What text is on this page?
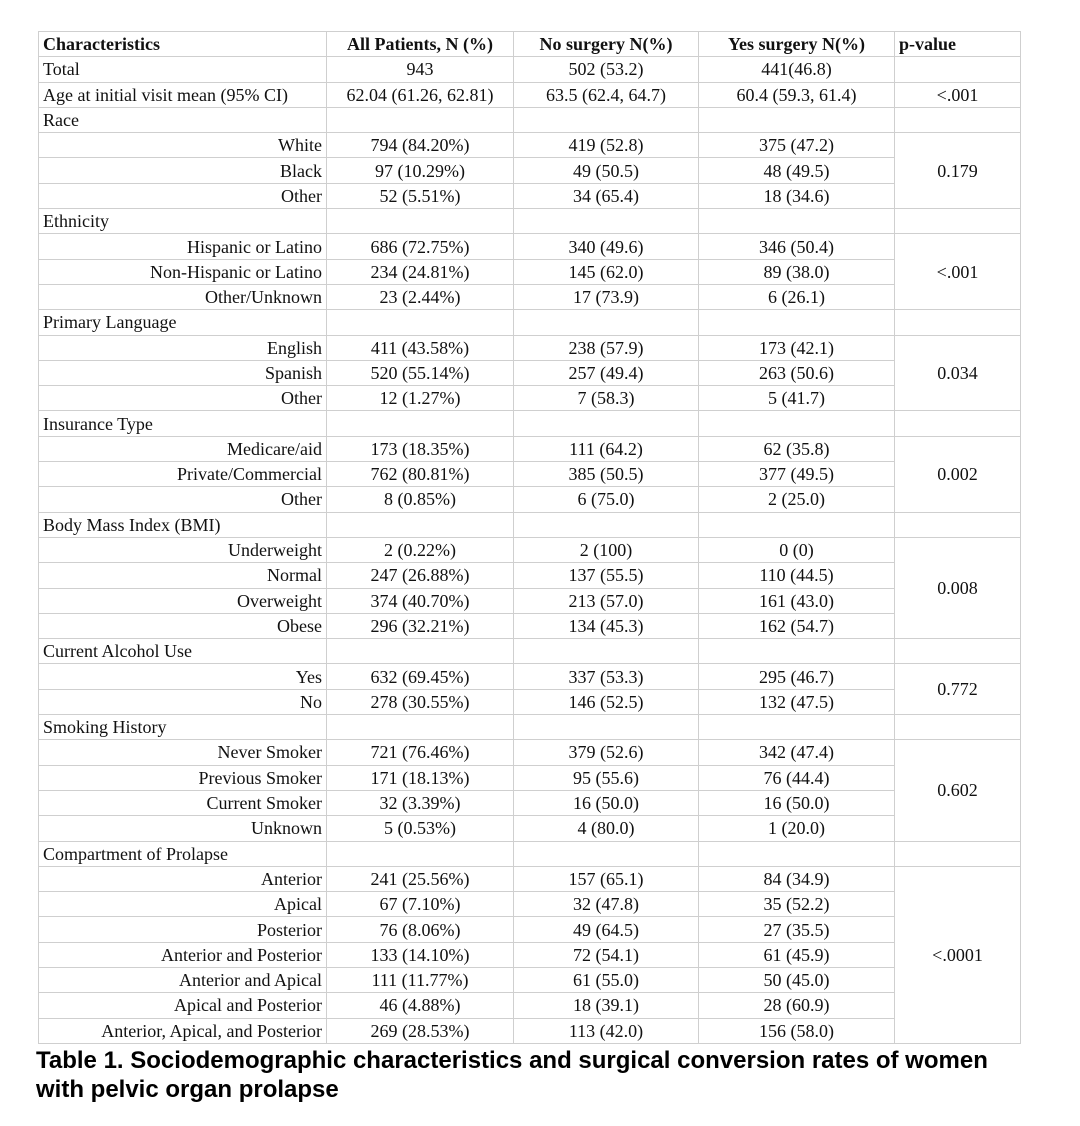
Characteristics	All Patients, N (%)	No surgery N(%)	Yes surgery N(%)	p-value
Total	943	502 (53.2)	441(46.8)	
Age at initial visit mean (95% CI)	62.04 (61.26, 62.81)	63.5 (62.4, 64.7)	60.4 (59.3, 61.4)	<.001
Race				
White	794 (84.20%)	419 (52.8)	375 (47.2)	0.179
Black	97 (10.29%)	49 (50.5)	48 (49.5)	
Other	52 (5.51%)	34 (65.4)	18 (34.6)	
Ethnicity				
Hispanic or Latino	686 (72.75%)	340 (49.6)	346 (50.4)	<.001
Non-Hispanic or Latino	234 (24.81%)	145 (62.0)	89 (38.0)	
Other/Unknown	23 (2.44%)	17 (73.9)	6 (26.1)	
Primary Language				
English	411 (43.58%)	238 (57.9)	173 (42.1)	0.034
Spanish	520 (55.14%)	257 (49.4)	263 (50.6)	
Other	12 (1.27%)	7 (58.3)	5 (41.7)	
Insurance Type				
Medicare/aid	173 (18.35%)	111 (64.2)	62 (35.8)	0.002
Private/Commercial	762 (80.81%)	385 (50.5)	377 (49.5)	
Other	8 (0.85%)	6 (75.0)	2 (25.0)	
Body Mass Index (BMI)				
Underweight	2 (0.22%)	2 (100)	0 (0)	0.008
Normal	247 (26.88%)	137 (55.5)	110 (44.5)	
Overweight	374 (40.70%)	213 (57.0)	161 (43.0)	
Obese	296 (32.21%)	134 (45.3)	162 (54.7)	
Current Alcohol Use				
Yes	632 (69.45%)	337 (53.3)	295 (46.7)	0.772
No	278 (30.55%)	146 (52.5)	132 (47.5)	
Smoking History				
Never Smoker	721 (76.46%)	379 (52.6)	342 (47.4)	0.602
Previous Smoker	171 (18.13%)	95 (55.6)	76 (44.4)	
Current Smoker	32 (3.39%)	16 (50.0)	16 (50.0)	
Unknown	5 (0.53%)	4 (80.0)	1 (20.0)	
Compartment of Prolapse				
Anterior	241 (25.56%)	157 (65.1)	84 (34.9)	<.0001
Apical	67 (7.10%)	32 (47.8)	35 (52.2)	
Posterior	76 (8.06%)	49 (64.5)	27 (35.5)	
Anterior and Posterior	133 (14.10%)	72 (54.1)	61 (45.9)	
Anterior and Apical	111 (11.77%)	61 (55.0)	50 (45.0)	
Apical and Posterior	46 (4.88%)	18 (39.1)	28 (60.9)	
Anterior, Apical, and Posterior	269 (28.53%)	113 (42.0)	156 (58.0)	
Table 1. Sociodemographic characteristics and surgical conversion rates of women with pelvic organ prolapse
